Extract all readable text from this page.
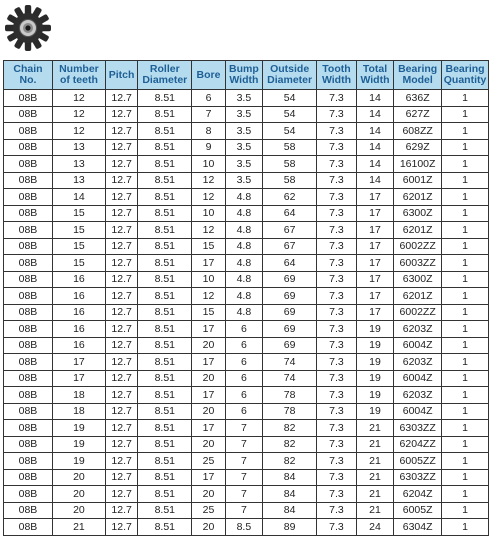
Chain No.	Number of teeth	Pitch	Roller Diameter	Bore	Bump Width	Outside Diameter	Tooth Width	Total Width	Bearing Model	Bearing Quantity
08B	12	12.7	8.51	6	3.5	54	7.3	14	636Z	1
08B	12	12.7	8.51	7	3.5	54	7.3	14	627Z	1
08B	12	12.7	8.51	8	3.5	54	7.3	14	608ZZ	1
08B	13	12.7	8.51	9	3.5	58	7.3	14	629Z	1
08B	13	12.7	8.51	10	3.5	58	7.3	14	16100Z	1
08B	13	12.7	8.51	12	3.5	58	7.3	14	6001Z	1
08B	14	12.7	8.51	12	4.8	62	7.3	17	6201Z	1
08B	15	12.7	8.51	10	4.8	64	7.3	17	6300Z	1
08B	15	12.7	8.51	12	4.8	67	7.3	17	6201Z	1
08B	15	12.7	8.51	15	4.8	67	7.3	17	6002ZZ	1
08B	15	12.7	8.51	17	4.8	64	7.3	17	6003ZZ	1
08B	16	12.7	8.51	10	4.8	69	7.3	17	6300Z	1
08B	16	12.7	8.51	12	4.8	69	7.3	17	6201Z	1
08B	16	12.7	8.51	15	4.8	69	7.3	17	6002ZZ	1
08B	16	12.7	8.51	17	6	69	7.3	19	6203Z	1
08B	16	12.7	8.51	20	6	69	7.3	19	6004Z	1
08B	17	12.7	8.51	17	6	74	7.3	19	6203Z	1
08B	17	12.7	8.51	20	6	74	7.3	19	6004Z	1
08B	18	12.7	8.51	17	6	78	7.3	19	6203Z	1
08B	18	12.7	8.51	20	6	78	7.3	19	6004Z	1
08B	19	12.7	8.51	17	7	82	7.3	21	6303ZZ	1
08B	19	12.7	8.51	20	7	82	7.3	21	6204ZZ	1
08B	19	12.7	8.51	25	7	82	7.3	21	6005ZZ	1
08B	20	12.7	8.51	17	7	84	7.3	21	6303ZZ	1
08B	20	12.7	8.51	20	7	84	7.3	21	6204Z	1
08B	20	12.7	8.51	25	7	84	7.3	21	6005Z	1
08B	21	12.7	8.51	20	8.5	89	7.3	24	6304Z	1
